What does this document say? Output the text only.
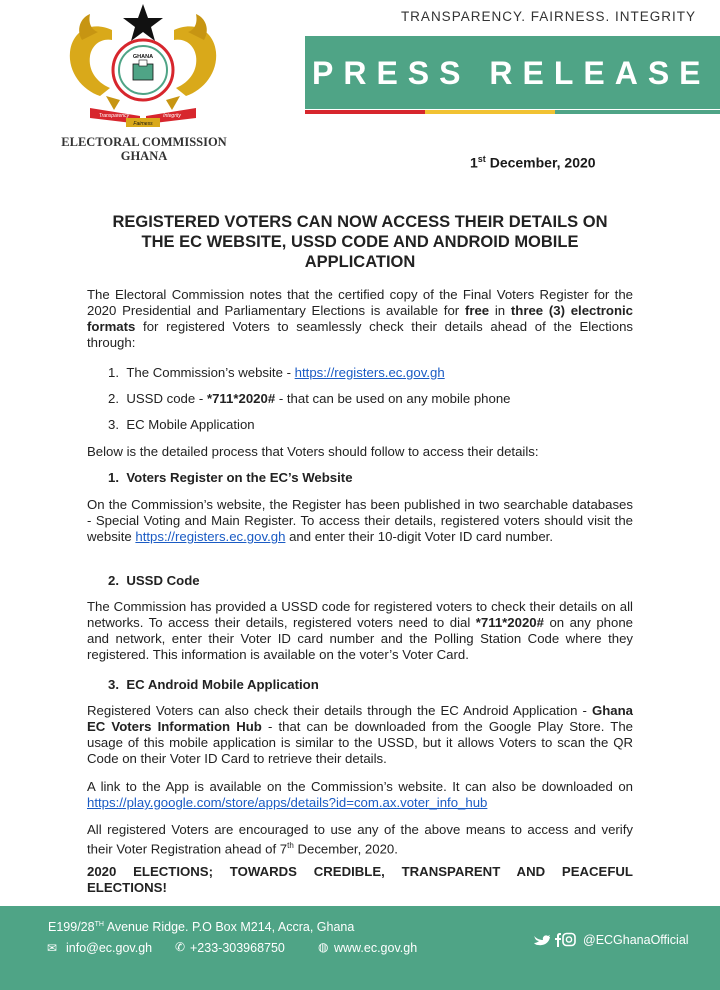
TRANSPARENCY. FAIRNESS. INTEGRITY
PRESS RELEASE
GHANA
Transparency	Integrity
Fairness
ELECTORAL COMMISSION
GHANA	1st December, 2020
REGISTERED VOTERS CAN NOW ACCESS THEIR DETAILS ON THE EC WEBSITE, USSD CODE AND ANDROID MOBILE APPLICATION
The Electoral Commission notes that the certified copy of the Final Voters Register for the 2020 Presidential and Parliamentary Elections is available for free in three (3) electronic formats for registered Voters to seamlessly check their details ahead of the Elections through:
1. The Commission’s website - https://registers.ec.gov.gh
2. USSD code - *711*2020# - that can be used on any mobile phone
3. EC Mobile Application
Below is the detailed process that Voters should follow to access their details:
1. Voters Register on the EC’s Website
On the Commission’s website, the Register has been published in two searchable databases - Special Voting and Main Register. To access their details, registered voters should visit the website https://registers.ec.gov.gh and enter their 10-digit Voter ID card number.
2. USSD Code
The Commission has provided a USSD code for registered voters to check their details on all networks. To access their details, registered voters need to dial *711*2020# on any phone and network, enter their Voter ID card number and the Polling Station Code where they registered. This information is available on the voter’s Voter Card.
3. EC Android Mobile Application
Registered Voters can also check their details through the EC Android Application - Ghana EC Voters Information Hub - that can be downloaded from the Google Play Store. The usage of this mobile application is similar to the USSD, but it allows Voters to scan the QR Code on their Voter ID Card to retrieve their details.
A link to the App is available on the Commission’s website. It can also be downloaded on https://play.google.com/store/apps/details?id=com.ax.voter_info_hub
All registered Voters are encouraged to use any of the above means to access and verify their Voter Registration ahead of 7th December, 2020.
2020 ELECTIONS; TOWARDS CREDIBLE, TRANSPARENT AND PEACEFUL ELECTIONS!
E199/28TH Avenue Ridge. P.O Box M214, Accra, Ghana
✉ info@ec.gov.gh ✆ +233-303968750	◍ www.ec.gov.gh
@ECGhanaOfficial
